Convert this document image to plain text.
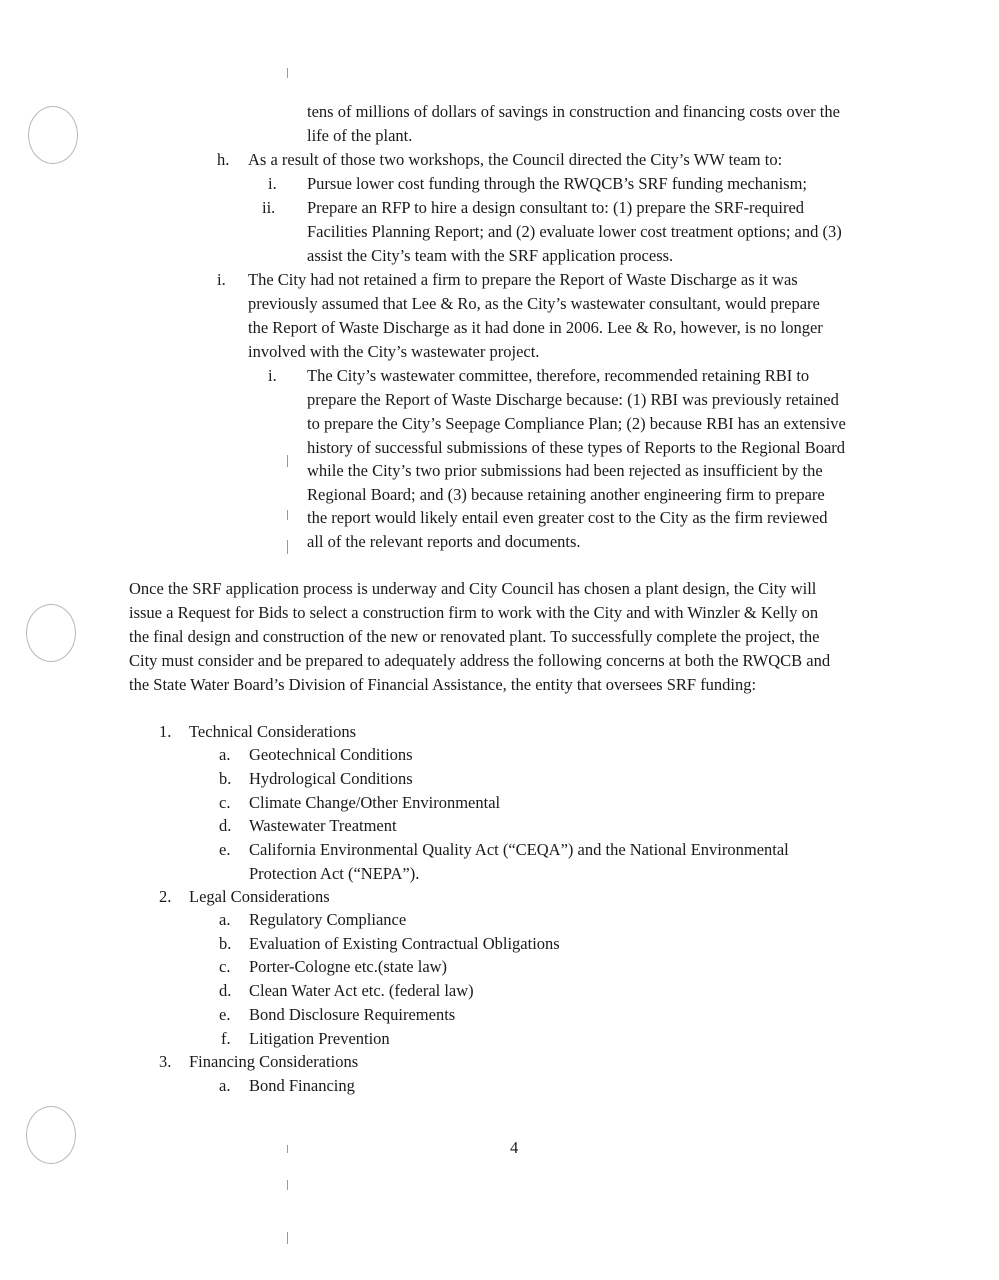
tens of millions of dollars of savings in construction and financing costs over the
life of the plant.
h. As a result of those two workshops, the Council directed the City’s WW team to:
i. Pursue lower cost funding through the RWQCB’s SRF funding mechanism;
ii. Prepare an RFP to hire a design consultant to: (1) prepare the SRF-required
Facilities Planning Report; and (2) evaluate lower cost treatment options; and (3)
assist the City’s team with the SRF application process.
i. The City had not retained a firm to prepare the Report of Waste Discharge as it was
previously assumed that Lee & Ro, as the City’s wastewater consultant, would prepare
the Report of Waste Discharge as it had done in 2006. Lee & Ro, however, is no longer
involved with the City’s wastewater project.
i. The City’s wastewater committee, therefore, recommended retaining RBI to
prepare the Report of Waste Discharge because: (1) RBI was previously retained
to prepare the City’s Seepage Compliance Plan; (2) because RBI has an extensive
history of successful submissions of these types of Reports to the Regional Board
while the City’s two prior submissions had been rejected as insufficient by the
Regional Board; and (3) because retaining another engineering firm to prepare
the report would likely entail even greater cost to the City as the firm reviewed
all of the relevant reports and documents.
Once the SRF application process is underway and City Council has chosen a plant design, the City will
issue a Request for Bids to select a construction firm to work with the City and with Winzler & Kelly on
the final design and construction of the new or renovated plant. To successfully complete the project, the
City must consider and be prepared to adequately address the following concerns at both the RWQCB and
the State Water Board’s Division of Financial Assistance, the entity that oversees SRF funding:
1. Technical Considerations
a. Geotechnical Conditions
b. Hydrological Conditions
c. Climate Change/Other Environmental
d. Wastewater Treatment
e. California Environmental Quality Act (“CEQA”) and the National Environmental
Protection Act (“NEPA”).
2. Legal Considerations
a. Regulatory Compliance
b. Evaluation of Existing Contractual Obligations
c. Porter-Cologne etc.(state law)
d. Clean Water Act etc. (federal law)
e. Bond Disclosure Requirements
f. Litigation Prevention
3. Financing Considerations
a. Bond Financing
4
